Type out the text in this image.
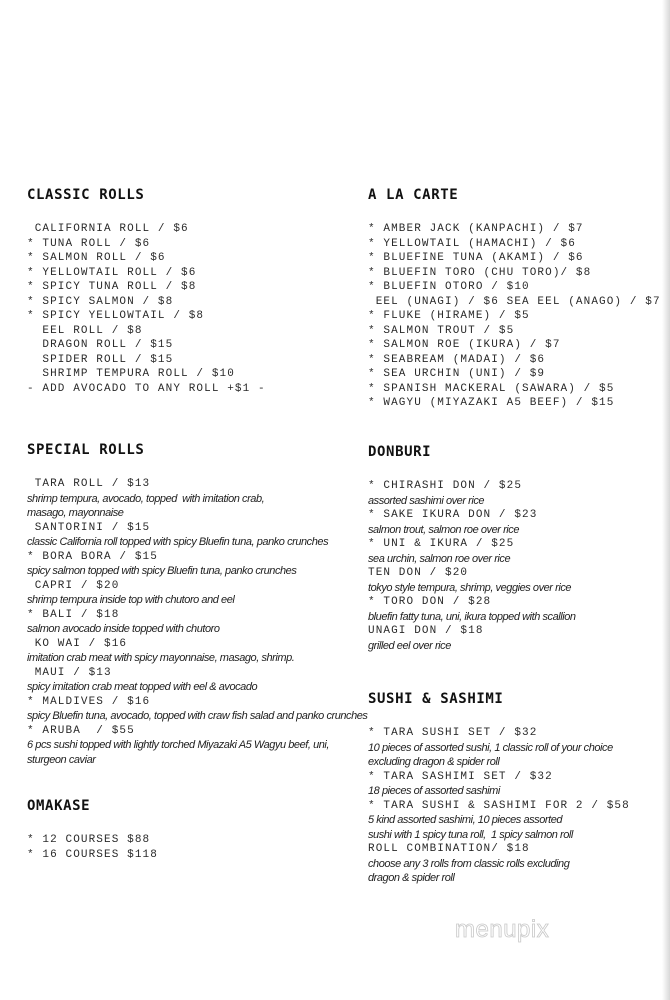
CLASSIC ROLLS
CALIFORNIA ROLL / $6
* TUNA ROLL / $6
* SALMON ROLL / $6
* YELLOWTAIL ROLL / $6
* SPICY TUNA ROLL / $8
* SPICY SALMON / $8
* SPICY YELLOWTAIL / $8
EEL ROLL / $8
DRAGON ROLL / $15
SPIDER ROLL / $15
SHRIMP TEMPURA ROLL / $10
- ADD AVOCADO TO ANY ROLL +$1 -
SPECIAL ROLLS
TARA ROLL / $13
shrimp tempura, avocado, topped  with imitation crab,
masago, mayonnaise
SANTORINI / $15
classic California roll topped with spicy Bluefin tuna, panko crunches
* BORA BORA / $15
spicy salmon topped with spicy Bluefin tuna, panko crunches
CAPRI / $20
shrimp tempura inside top with chutoro and eel
* BALI / $18
salmon avocado inside topped with chutoro
KO WAI / $16
imitation crab meat with spicy mayonnaise, masago, shrimp.
MAUI / $13
spicy imitation crab meat topped with eel & avocado
* MALDIVES / $16
spicy Bluefin tuna, avocado, topped with craw fish salad and panko crunches
* ARUBA  / $55
6 pcs sushi topped with lightly torched Miyazaki A5 Wagyu beef, uni,
sturgeon caviar
OMAKASE
* 12 COURSES $88
* 16 COURSES $118
A LA CARTE
* AMBER JACK (KANPACHI) / $7
* YELLOWTAIL (HAMACHI) / $6
* BLUEFINE TUNA (AKAMI) / $6
* BLUEFIN TORO (CHU TORO)/ $8
* BLUEFIN OTORO / $10
EEL (UNAGI) / $6 SEA EEL (ANAGO) / $7
* FLUKE (HIRAME) / $5
* SALMON TROUT / $5
* SALMON ROE (IKURA) / $7
* SEABREAM (MADAI) / $6
* SEA URCHIN (UNI) / $9
* SPANISH MACKERAL (SAWARA) / $5
* WAGYU (MIYAZAKI A5 BEEF) / $15
DONBURI
* CHIRASHI DON / $25
assorted sashimi over rice
* SAKE IKURA DON / $23
salmon trout, salmon roe over rice
* UNI & IKURA / $25
sea urchin, salmon roe over rice
TEN DON / $20
tokyo style tempura, shrimp, veggies over rice
* TORO DON / $28
bluefin fatty tuna, uni, ikura topped with scallion
UNAGI DON / $18
grilled eel over rice
SUSHI & SASHIMI
* TARA SUSHI SET / $32
10 pieces of assorted sushi, 1 classic roll of your choice
excluding dragon & spider roll
* TARA SASHIMI SET / $32
18 pieces of assorted sashimi
* TARA SUSHI & SASHIMI FOR 2 / $58
5 kind assorted sashimi, 10 pieces assorted
sushi with 1 spicy tuna roll,  1 spicy salmon roll
ROLL COMBINATION/ $18
choose any 3 rolls from classic rolls excluding
dragon & spider roll
menupix
